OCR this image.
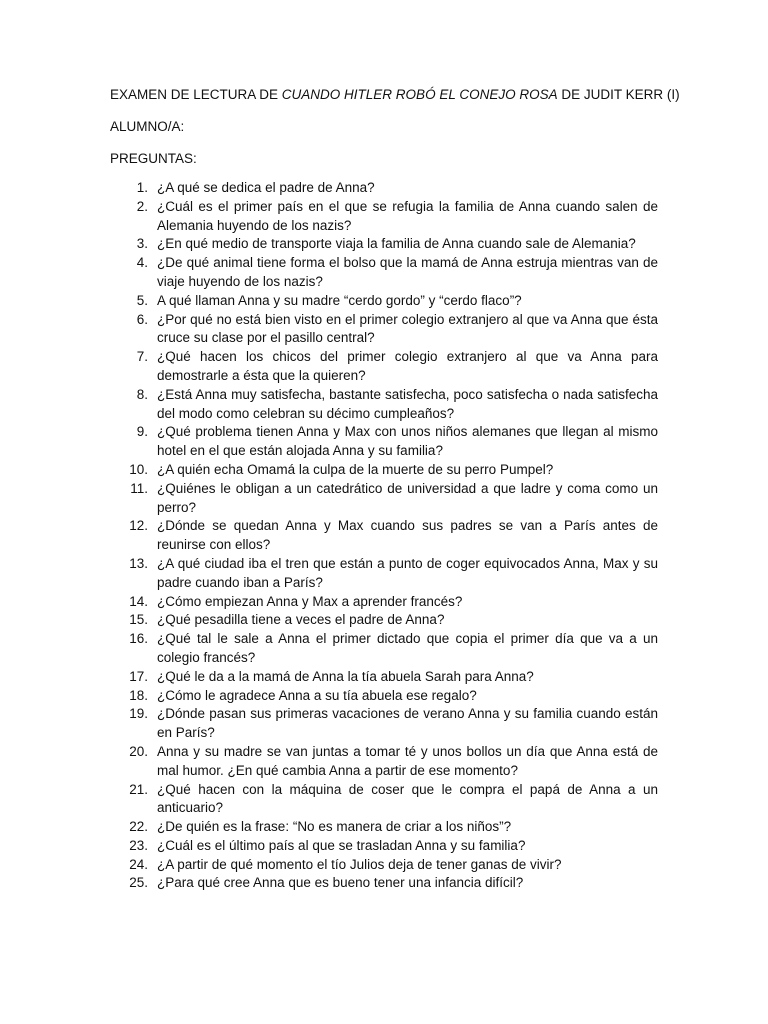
EXAMEN DE LECTURA DE CUANDO HITLER ROBÓ EL CONEJO ROSA DE JUDIT KERR (I)
ALUMNO/A:
PREGUNTAS:
1. ¿A qué se dedica el padre de Anna?
2. ¿Cuál es el primer país en el que se refugia la familia de Anna cuando salen de Alemania huyendo de los nazis?
3. ¿En qué medio de transporte viaja la familia de Anna cuando sale de Alemania?
4. ¿De qué animal tiene forma el bolso que la mamá de Anna estruja mientras van de viaje huyendo de los nazis?
5. A qué llaman Anna y su madre “cerdo gordo” y “cerdo flaco”?
6. ¿Por qué no está bien visto en el primer colegio extranjero al que va Anna que ésta cruce su clase por el pasillo central?
7. ¿Qué hacen los chicos del primer colegio extranjero al que va Anna para demostrarle a ésta que la quieren?
8. ¿Está Anna muy satisfecha, bastante satisfecha, poco satisfecha o nada satisfecha del modo como celebran su décimo cumpleaños?
9. ¿Qué problema tienen Anna y Max con unos niños alemanes que llegan al mismo hotel en el que están alojada Anna y su familia?
10. ¿A quién echa Omamá la culpa de la muerte de su perro Pumpel?
11. ¿Quiénes le obligan a un catedrático de universidad a que ladre y coma como un perro?
12. ¿Dónde se quedan Anna y Max cuando sus padres se van a París antes de reunirse con ellos?
13. ¿A qué ciudad iba el tren que están a punto de coger equivocados Anna, Max y su padre cuando iban a París?
14. ¿Cómo empiezan Anna y Max a aprender francés?
15. ¿Qué pesadilla tiene a veces el padre de Anna?
16. ¿Qué tal le sale a Anna el primer dictado que copia el primer día que va a un colegio francés?
17. ¿Qué le da a la mamá de Anna la tía abuela Sarah para Anna?
18. ¿Cómo le agradece Anna a su tía abuela ese regalo?
19. ¿Dónde pasan sus primeras vacaciones de verano Anna y su familia cuando están en París?
20. Anna y su madre se van juntas a tomar té y unos bollos un día que Anna está de mal humor. ¿En qué cambia Anna a partir de ese momento?
21. ¿Qué hacen con la máquina de coser que le compra el papá de Anna a un anticuario?
22. ¿De quién es la frase: “No es manera de criar a los niños”?
23. ¿Cuál es el último país al que se trasladan Anna y su familia?
24. ¿A partir de qué momento el tío Julios deja de tener ganas de vivir?
25. ¿Para qué cree Anna que es bueno tener una infancia difícil?
